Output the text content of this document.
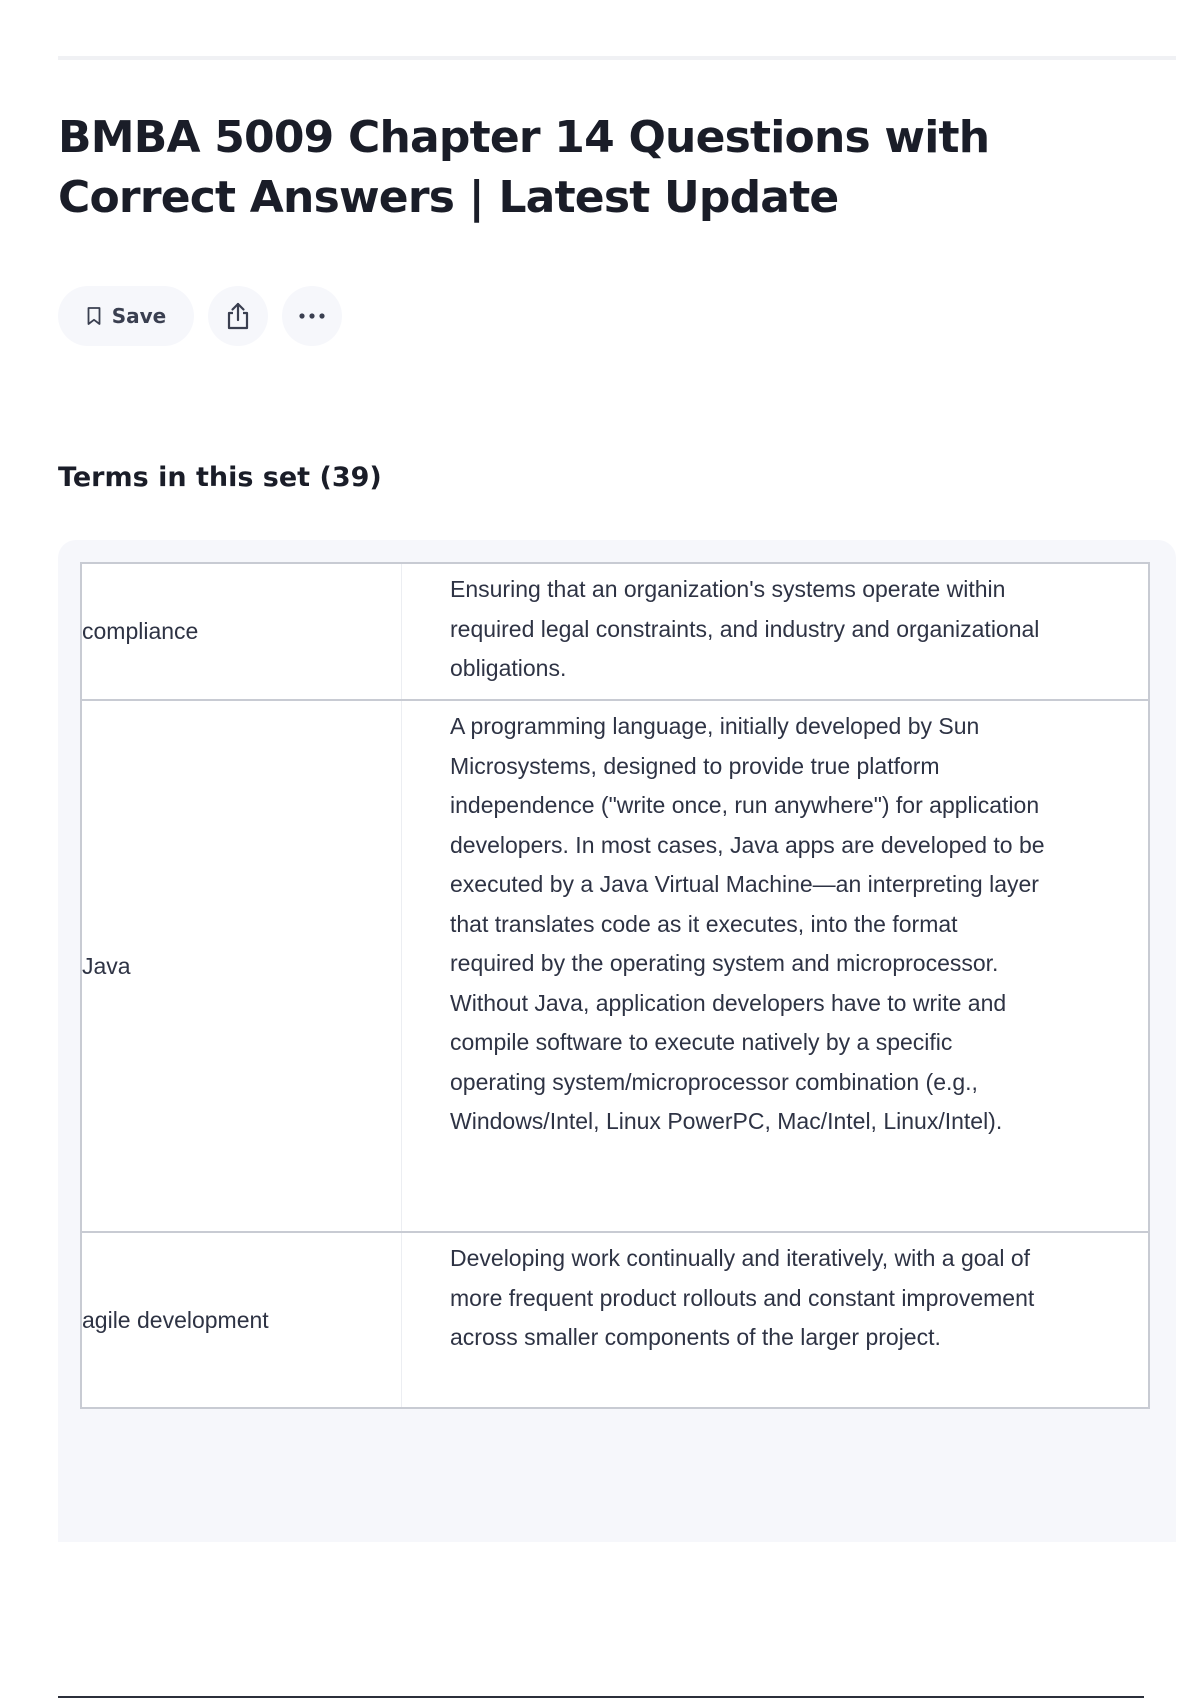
BMBA 5009 Chapter 14 Questions with Correct Answers | Latest Update
Save
Terms in this set (39)
compliance
Ensuring that an organization's systems operate within required legal constraints, and industry and organizational obligations.
Java
A programming language, initially developed by Sun Microsystems, designed to provide true platform independence ("write once, run anywhere") for application developers. In most cases, Java apps are developed to be executed by a Java Virtual Machine—an interpreting layer that translates code as it executes, into the format required by the operating system and microprocessor. Without Java, application developers have to write and compile software to execute natively by a specific operating system/microprocessor combination (e.g., Windows/Intel, Linux PowerPC, Mac/Intel, Linux/Intel).
agile development
Developing work continually and iteratively, with a goal of more frequent product rollouts and constant improvement across smaller components of the larger project.
